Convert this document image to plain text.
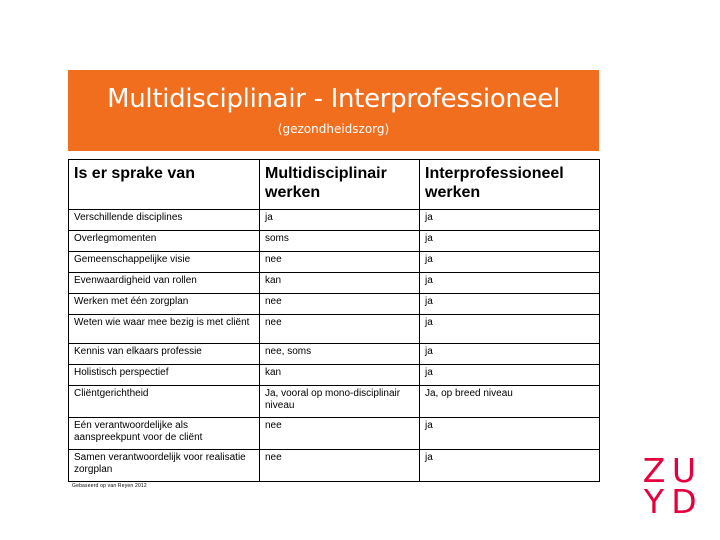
Multidisciplinair - Interprofessioneel
(gezondheidszorg)
Is er sprake van	Multidisciplinair werken	Interprofessioneel werken
Verschillende disciplines	ja	ja
Overlegmomenten	soms	ja
Gemeenschappelijke visie	nee	ja
Evenwaardigheid van rollen	kan	ja
Werken met één zorgplan	nee	ja
Weten wie waar mee bezig is met cliënt	nee	ja
Kennis van elkaars professie	nee, soms	ja
Holistisch perspectief	kan	ja
Cliëntgerichtheid	Ja, vooral op mono-disciplinair niveau	Ja, op breed niveau
Eén verantwoordelijke als aanspreekpunt voor de cliënt	nee	ja
Samen verantwoordelijk voor realisatie zorgplan	nee	ja
Gebaseerd op van Reyen 2012	Z U
Y D
